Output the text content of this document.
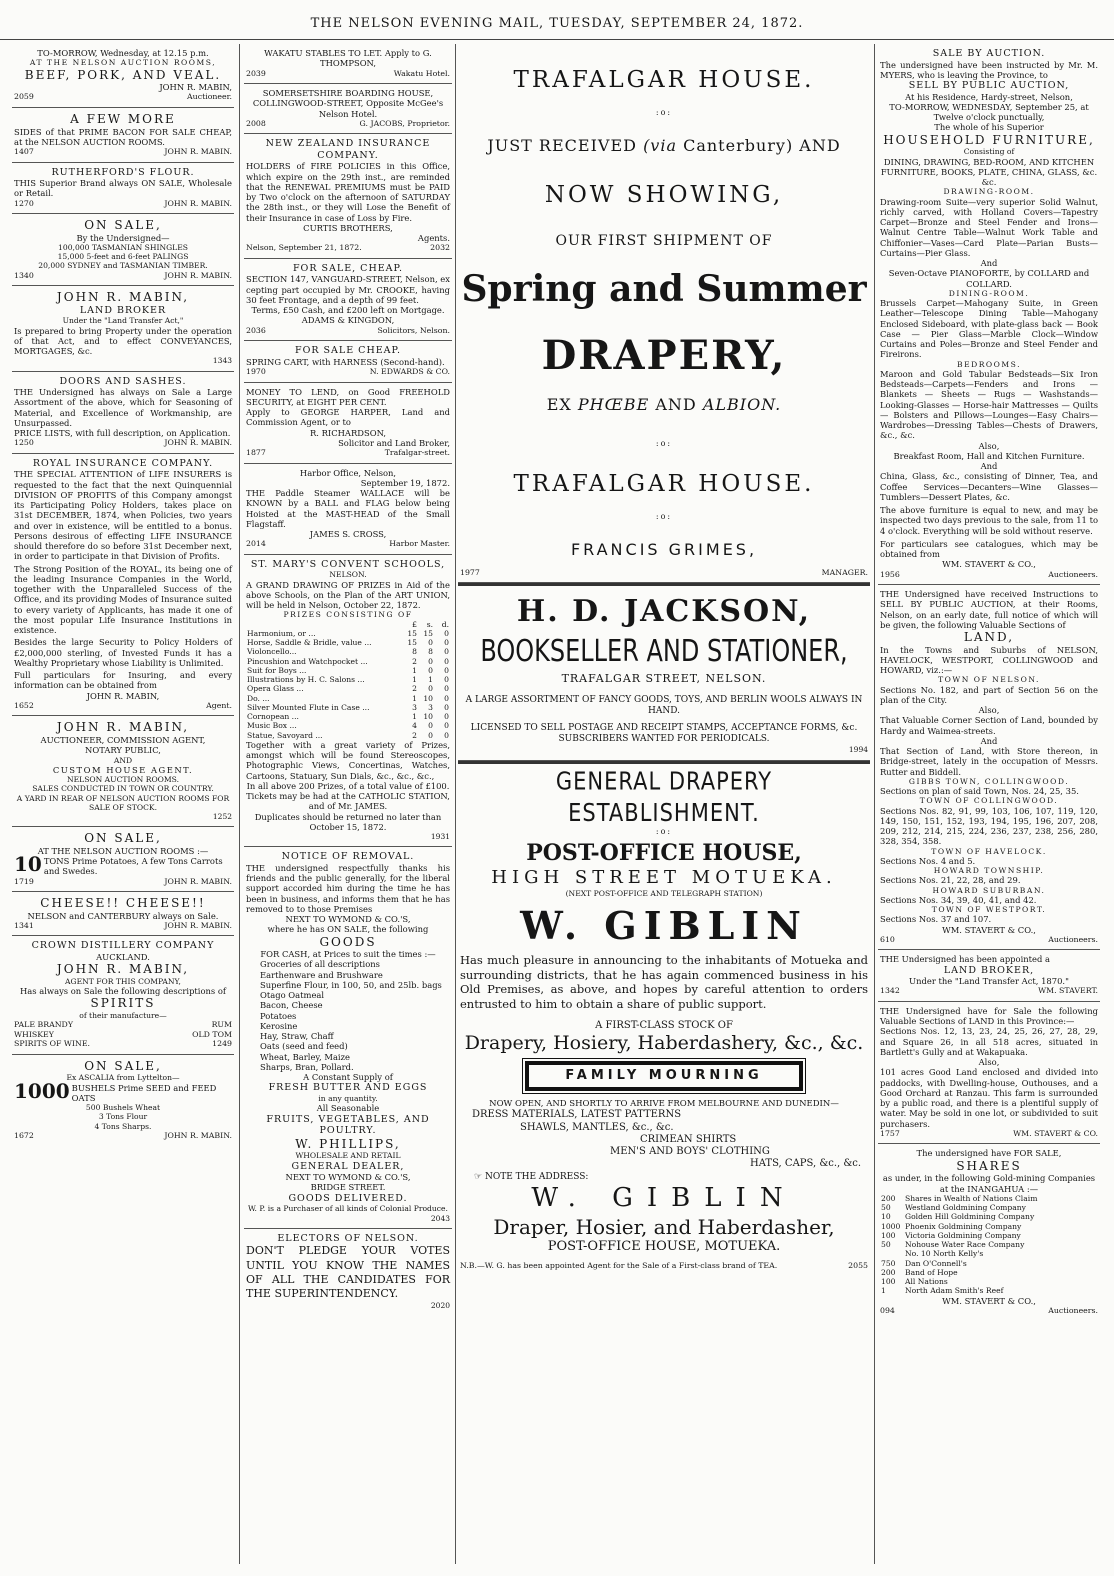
THE NELSON EVENING MAIL, TUESDAY, SEPTEMBER 24, 1872.
TO-MORROW, Wednesday, at 12.15 p.m.
AT THE NELSON AUCTION ROOMS,
BEEF, PORK, AND VEAL.
JOHN R. MABIN,
2059	Auctioneer.
A FEW MORE
SIDES of that PRIME BACON FOR SALE CHEAP, at the NELSON AUCTION ROOMS.
1407	JOHN R. MABIN.
RUTHERFORD'S FLOUR.
THIS Superior Brand always ON SALE, Wholesale or Retail.
1270	JOHN R. MABIN.
ON SALE,
By the Undersigned—
100,000 TASMANIAN SHINGLES
15,000 5-feet and 6-feet PALINGS
20,000 SYDNEY and TASMANIAN TIMBER.
1340	JOHN R. MABIN.
JOHN R. MABIN,
LAND BROKER
Under the "Land Transfer Act,"
Is prepared to bring Property under the operation of that Act, and to effect CONVEYANCES, MORTGAGES, &c.
1343
DOORS AND SASHES.
THE Undersigned has always on Sale a Large Assortment of the above, which for Seasoning of Material, and Excellence of Workmanship, are Unsurpassed.
PRICE LISTS, with full description, on Application.
1250	JOHN R. MABIN.
ROYAL INSURANCE COMPANY.
THE SPECIAL ATTENTION of LIFE INSURERS is requested to the fact that the next Quinquennial DIVISION OF PROFITS of this Company amongst its Participating Policy Holders, takes place on 31st DECEMBER, 1874, when Policies, two years and over in existence, will be entitled to a bonus. Persons desirous of effecting LIFE INSURANCE should therefore do so before 31st December next, in order to participate in that Division of Profits.
The Strong Position of the ROYAL, its being one of the leading Insurance Companies in the World, together with the Unparalleled Success of the Office, and its providing Modes of Insurance suited to every variety of Applicants, has made it one of the most popular Life Insurance Institutions in existence.
Besides the large Security to Policy Holders of £2,000,000 sterling, of Invested Funds it has a Wealthy Proprietary whose Liability is Unlimited.
Full particulars for Insuring, and every information can be obtained from
JOHN R. MABIN,
1652	Agent.
JOHN R. MABIN,
AUCTIONEER, COMMISSION AGENT,
NOTARY PUBLIC,
AND
CUSTOM HOUSE AGENT.
NELSON AUCTION ROOMS.
SALES CONDUCTED IN TOWN OR COUNTRY.
A YARD IN REAR OF NELSON AUCTION ROOMS FOR SALE OF STOCK.
1252
ON SALE,
AT THE NELSON AUCTION ROOMS :—
10 TONS Prime Potatoes, A few Tons Carrots and Swedes.
1719	JOHN R. MABIN.
CHEESE!! CHEESE!!
NELSON and CANTERBURY always on Sale.
1341	JOHN R. MABIN.
CROWN DISTILLERY COMPANY
AUCKLAND.
JOHN R. MABIN,
AGENT FOR THIS COMPANY,
Has always on Sale the following descriptions of
SPIRITS
of their manufacture—
PALE BRANDY	RUM
WHISKEY	OLD TOM
SPIRITS OF WINE.	1249
ON SALE,
Ex ASCALIA from Lyttelton—
1000 BUSHELS Prime SEED and FEED OATS
500 Bushels Wheat
3 Tons Flour
4 Tons Sharps.
1672	JOHN R. MABIN.
WAKATU STABLES TO LET. Apply to G. THOMPSON,
2039	Wakatu Hotel.
SOMERSETSHIRE BOARDING HOUSE, COLLINGWOOD-STREET, Opposite McGee's Nelson Hotel.
2008	G. JACOBS, Proprietor.
NEW ZEALAND INSURANCE COMPANY.
HOLDERS of FIRE POLICIES in this Office, which expire on the 29th inst., are reminded that the RENEWAL PREMIUMS must be PAID by Two o'clock on the afternoon of SATURDAY the 28th inst., or they will Lose the Benefit of their Insurance in case of Loss by Fire.
CURTIS BROTHERS,
Agents.
Nelson, September 21, 1872.	2032
FOR SALE, CHEAP.
SECTION 147, VANGUARD-STREET, Nelson, ex cepting part occupied by Mr. CROOKE, having 30 feet Frontage, and a depth of 99 feet.
Terms, £50 Cash, and £200 left on Mortgage.
ADAMS & KINGDON,
2036	Solicitors, Nelson.
FOR SALE CHEAP.
SPRING CART, with HARNESS (Second-hand).
1970	N. EDWARDS & CO.
MONEY TO LEND, on Good FREEHOLD SECURITY, at EIGHT PER CENT.
Apply to GEORGE HARPER, Land and Commission Agent, or to
R. RICHARDSON,
Solicitor and Land Broker,
1877	Trafalgar-street.
Harbor Office, Nelson,
September 19, 1872.
THE Paddle Steamer WALLACE will be KNOWN by a BALL and FLAG below being Hoisted at the MAST-HEAD of the Small Flagstaff.
JAMES S. CROSS,
2014	Harbor Master.
ST. MARY'S CONVENT SCHOOLS,
NELSON.
A GRAND DRAWING OF PRIZES in Aid of the above Schools, on the Plan of the ART UNION, will be held in Nelson, October 22, 1872.
PRIZES CONSISTING OF
	£	s.	d.
Harmonium, or ...	15	15	0
Horse, Saddle & Bridle, value ...	15	0	0
Violoncello...	8	8	0
Pincushion and Watchpocket ...	2	0	0
Suit for Boys ...	1	0	0
Illustrations by H. C. Salons ...	1	1	0
Opera Glass ...	2	0	0
Do. ...	1	10	0
Silver Mounted Flute in Case ...	3	3	0
Cornopean ...	1	10	0
Music Box ...	4	0	0
Statue, Savoyard ...	2	0	0
Together with a great variety of Prizes, amongst which will be found Stereoscopes, Photographic Views, Concertinas, Watches, Cartoons, Statuary, Sun Dials, &c., &c., &c.,
In all above 200 Prizes, of a total value of £100.
Tickets may be had at the CATHOLIC STATION, and of Mr. JAMES.
Duplicates should be returned no later than October 15, 1872.
1931
NOTICE OF REMOVAL.
THE undersigned respectfully thanks his friends and the public generally, for the liberal support accorded him during the time he has been in business, and informs them that he has removed to to those Premises
NEXT TO WYMOND & CO.'S,
where he has ON SALE, the following
GOODS
FOR CASH, at Prices to suit the times :—
Groceries of all descriptions
Earthenware and Brushware
Superfine Flour, in 100, 50, and 25lb. bags
Otago Oatmeal
Bacon, Cheese
Potatoes
Kerosine
Hay, Straw, Chaff
Oats (seed and feed)
Wheat, Barley, Maize
Sharps, Bran, Pollard.
A Constant Supply of
FRESH BUTTER AND EGGS
in any quantity.
All Seasonable
FRUITS, VEGETABLES, AND POULTRY.
W. PHILLIPS,
WHOLESALE AND RETAIL
GENERAL DEALER,
NEXT TO WYMOND & CO.'S,
BRIDGE STREET.
GOODS DELIVERED.
W. P. is a Purchaser of all kinds of Colonial Produce.
2043
ELECTORS OF NELSON.
DON'T PLEDGE YOUR VOTES UNTIL YOU KNOW THE NAMES OF ALL THE CANDIDATES FOR THE SUPERINTENDENCY.
2020
TRAFALGAR HOUSE.
:o:
JUST RECEIVED (via Canterbury) AND
NOW SHOWING,
OUR FIRST SHIPMENT OF
Spring and Summer
DRAPERY,
EX PHŒBE AND ALBION.
:o:
TRAFALGAR HOUSE.
:o:
FRANCIS GRIMES,
1977	MANAGER.
H. D. JACKSON,
BOOKSELLER AND STATIONER,
TRAFALGAR STREET, NELSON.
A LARGE ASSORTMENT OF FANCY GOODS, TOYS, AND BERLIN WOOLS ALWAYS IN HAND.
LICENSED TO SELL POSTAGE AND RECEIPT STAMPS, ACCEPTANCE FORMS, &c. SUBSCRIBERS WANTED FOR PERIODICALS.
1994
GENERAL DRAPERY ESTABLISHMENT.
:o:
POST-OFFICE HOUSE,
HIGH STREET MOTUEKA.
(NEXT POST-OFFICE AND TELEGRAPH STATION)
W. GIBLIN
Has much pleasure in announcing to the inhabitants of Motueka and surrounding districts, that he has again commenced business in his Old Premises, as above, and hopes by careful attention to orders entrusted to him to obtain a share of public support.
A FIRST-CLASS STOCK OF
Drapery, Hosiery, Haberdashery, &c., &c.
FAMILY MOURNING
NOW OPEN, AND SHORTLY TO ARRIVE FROM MELBOURNE AND DUNEDIN—
DRESS MATERIALS, LATEST PATTERNS
SHAWLS, MANTLES, &c., &c.
CRIMEAN SHIRTS
MEN'S AND BOYS' CLOTHING
HATS, CAPS, &c., &c.
☞ NOTE THE ADDRESS:
W. GIBLIN
Draper, Hosier, and Haberdasher,
POST-OFFICE HOUSE, MOTUEKA.
N.B.—W. G. has been appointed Agent for the Sale of a First-class brand of TEA.	2055
SALE BY AUCTION.
The undersigned have been instructed by Mr. M. MYERS, who is leaving the Province, to
SELL BY PUBLIC AUCTION,
At his Residence, Hardy-street, Nelson,
TO-MORROW, WEDNESDAY, September 25, at Twelve o'clock punctually,
The whole of his Superior
HOUSEHOLD FURNITURE,
Consisting of
DINING, DRAWING, BED-ROOM, AND KITCHEN FURNITURE, BOOKS, PLATE, CHINA, GLASS, &c. &c.
DRAWING-ROOM.
Drawing-room Suite—very superior Solid Walnut, richly carved, with Holland Covers—Tapestry Carpet—Bronze and Steel Fender and Irons—Walnut Centre Table—Walnut Work Table and Chiffonier—Vases—Card Plate—Parian Busts—Curtains—Pier Glass.
And
Seven-Octave PIANOFORTE, by COLLARD and COLLARD.
DINING-ROOM.
Brussels Carpet—Mahogany Suite, in Green Leather—Telescope Dining Table—Mahogany Enclosed Sideboard, with plate-glass back — Book Case — Pier Glass—Marble Clock—Window Curtains and Poles—Bronze and Steel Fender and Fireirons.
BEDROOMS.
Maroon and Gold Tabular Bedsteads—Six Iron Bedsteads—Carpets—Fenders and Irons — Blankets — Sheets — Rugs — Washstands—Looking-Glasses — Horse-hair Mattresses — Quilts — Bolsters and Pillows—Lounges—Easy Chairs—Wardrobes—Dressing Tables—Chests of Drawers, &c., &c.
Also,
Breakfast Room, Hall and Kitchen Furniture.
And
China, Glass, &c., consisting of Dinner, Tea, and Coffee Services—Decanters—Wine Glasses—Tumblers—Dessert Plates, &c.
The above furniture is equal to new, and may be inspected two days previous to the sale, from 11 to 4 o'clock. Everything will be sold without reserve.
For particulars see catalogues, which may be obtained from
WM. STAVERT & CO.,
1956	Auctioneers.
THE Undersigned have received Instructions to SELL BY PUBLIC AUCTION, at their Rooms, Nelson, on an early date, full notice of which will be given, the following Valuable Sections of
LAND,
In the Towns and Suburbs of NELSON, HAVELOCK, WESTPORT, COLLINGWOOD and HOWARD, viz.:—
TOWN OF NELSON.
Sections No. 182, and part of Section 56 on the plan of the City.
Also,
That Valuable Corner Section of Land, bounded by Hardy and Waimea-streets.
And
That Section of Land, with Store thereon, in Bridge-street, lately in the occupation of Messrs. Rutter and Biddell.
GIBBS TOWN, COLLINGWOOD.
Sections on plan of said Town, Nos. 24, 25, 35.
TOWN OF COLLINGWOOD.
Sections Nos. 82, 91, 99, 103, 106, 107, 119, 120, 149, 150, 151, 152, 193, 194, 195, 196, 207, 208, 209, 212, 214, 215, 224, 236, 237, 238, 256, 280, 328, 354, 358.
TOWN OF HAVELOCK.
Sections Nos. 4 and 5.
HOWARD TOWNSHIP.
Sections Nos. 21, 22, 28, and 29.
HOWARD SUBURBAN.
Sections Nos. 34, 39, 40, 41, and 42.
TOWN OF WESTPORT.
Sections Nos. 37 and 107.
WM. STAVERT & CO.,
610	Auctioneers.
THE Undersigned has been appointed a
LAND BROKER,
Under the "Land Transfer Act, 1870."
1342	WM. STAVERT.
THE Undersigned have for Sale the following Valuable Sections of LAND in this Province:—
Sections Nos. 12, 13, 23, 24, 25, 26, 27, 28, 29, and Square 26, in all 518 acres, situated in Bartlett's Gully and at Wakapuaka.
Also,
101 acres Good Land enclosed and divided into paddocks, with Dwelling-house, Outhouses, and a Good Orchard at Ranzau. This farm is surrounded by a public road, and there is a plentiful supply of water. May be sold in one lot, or subdivided to suit purchasers.
1757	WM. STAVERT & CO.
The undersigned have FOR SALE,
SHARES
as under, in the following Gold-mining Companies at the INANGAHUA :—
200	Shares in Wealth of Nations Claim
50	Westland Goldmining Company
10	Golden Hill Goldmining Company
1000	Phoenix Goldmining Company
100	Victoria Goldmining Company
50	Nohouse Water Race Company
	No. 10 North Kelly's
750	Dan O'Connell's
200	Band of Hope
100	All Nations
1	North Adam Smith's Reef
WM. STAVERT & CO.,
094	Auctioneers.
